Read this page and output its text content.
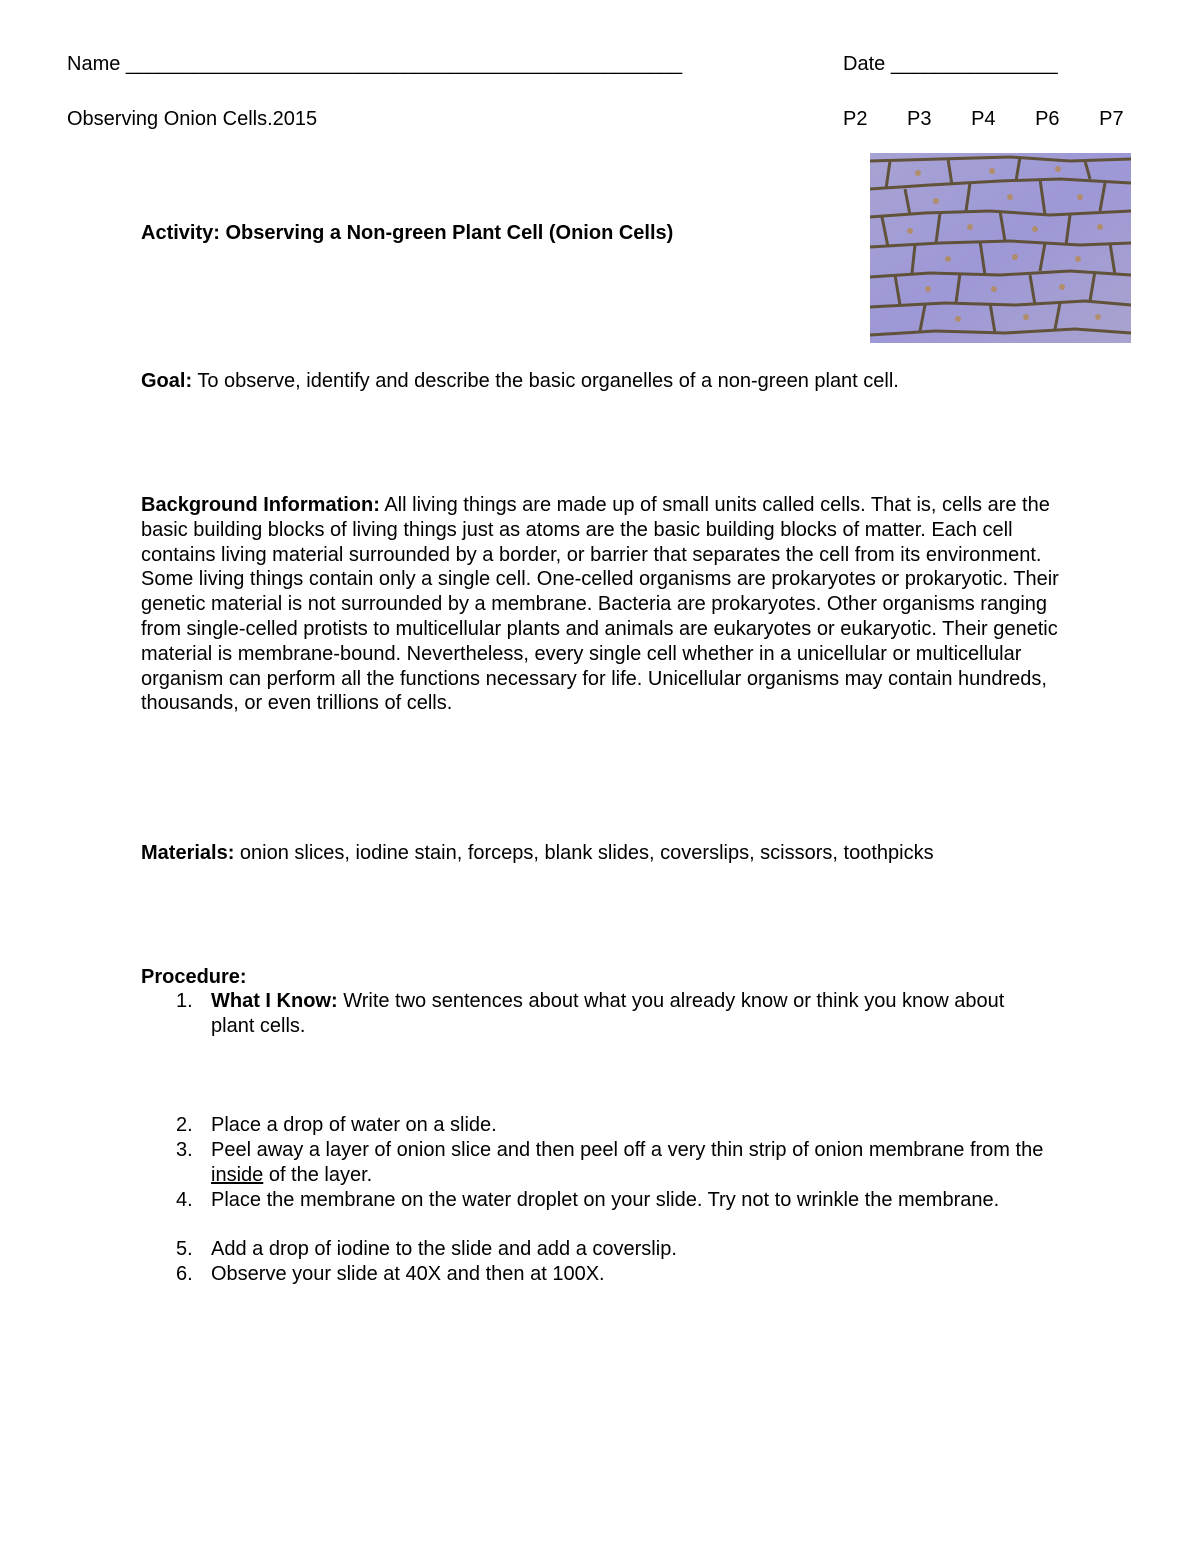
Name __________________________________________________	Date _______________
Observing Onion Cells.2015	P2 P3 P4 P6 P7
Activity: Observing a Non-green Plant Cell (Onion Cells)
Goal: To observe, identify and describe the basic organelles of a non-green plant cell.

Background Information: All living things are made up of small units called cells. That is, cells are the basic building blocks of living things just as atoms are the basic building blocks of matter. Each cell contains living material surrounded by a border, or barrier that separates the cell from its environment.

Some living things contain only a single cell. One-celled organisms are prokaryotes or prokaryotic. Their genetic material is not surrounded by a membrane. Bacteria are prokaryotes. Other organisms ranging from single-celled protists to multicellular plants and animals are eukaryotes or eukaryotic. Their genetic material is membrane-bound. Nevertheless, every single cell whether in a unicellular or multicellular organism can perform all the functions necessary for life. Unicellular organisms may contain hundreds, thousands, or even trillions of cells.

Materials: onion slices, iodine stain, forceps, blank slides, coverslips, scissors, toothpicks
Procedure:
1. What I Know: Write two sentences about what you already know or think you know about plant cells.
2. Place a drop of water on a slide.
3. Peel away a layer of onion slice and then peel off a very thin strip of onion membrane from the inside of the layer.
4. Place the membrane on the water droplet on your slide. Try not to wrinkle the membrane.
5. Add a drop of iodine to the slide and add a coverslip.
6. Observe your slide at 40X and then at 100X.
